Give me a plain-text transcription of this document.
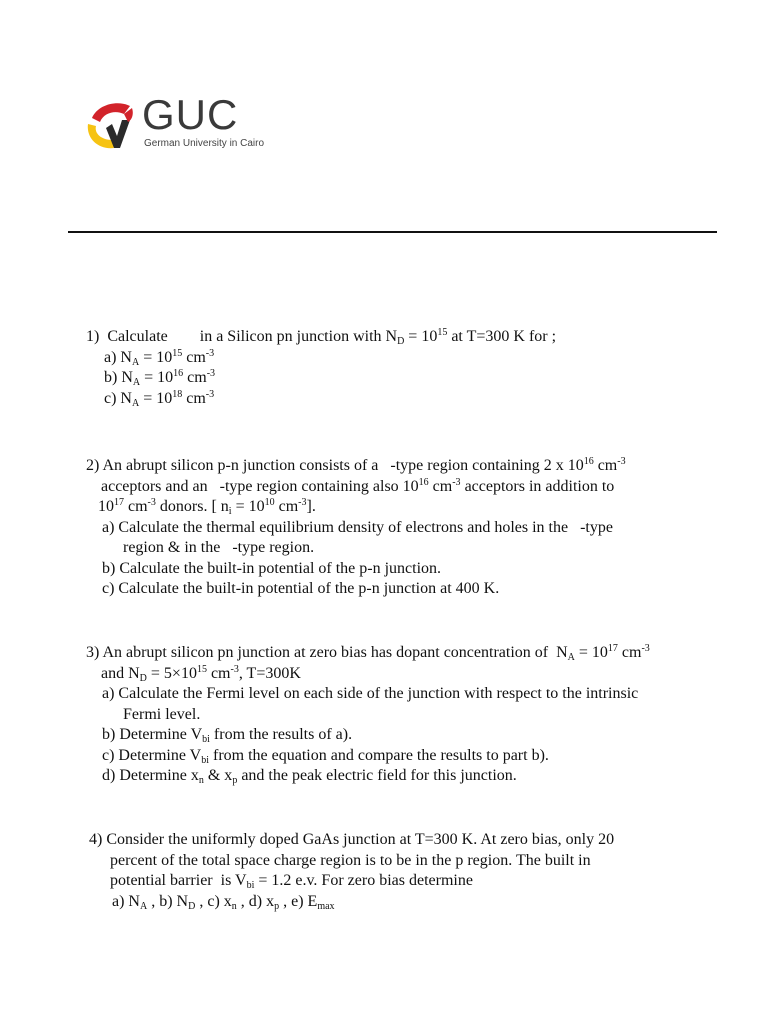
GUC
German University in Cairo
1)  Calculate        in a Silicon pn junction with $N_D = 10^{15}$ at T=300 K for ;
a) $N_A = 10^{15}$ $cm^{-3}$
b) $N_A = 10^{16}$ $cm^{-3}$
c) $N_A = 10^{18}$ $cm^{-3}$
2) An abrupt silicon p-n junction consists of a   -type region containing 2 x $10^{16}$ $cm^{-3}$
acceptors and an   -type region containing also $10^{16}$ $cm^{-3}$ acceptors in addition to
$10^{17}$ $cm^{-3}$ donors. [ $n_i = 10^{10}$ $cm^{-3}$].
a) Calculate the thermal equilibrium density of electrons and holes in the   -type
region & in the   -type region.
b) Calculate the built-in potential of the p-n junction.
c) Calculate the built-in potential of the p-n junction at 400 K.
3) An abrupt silicon pn junction at zero bias has dopant concentration of  $N_A = 10^{17}$ $cm^{-3}$
and $N_D = 5\times 10^{15}$ $cm^{-3}$, T=300K
a) Calculate the Fermi level on each side of the junction with respect to the intrinsic
Fermi level.
b) Determine $V_{bi}$ from the results of a).
c) Determine $V_{bi}$ from the equation and compare the results to part b).
d) Determine $x_n$ & $x_p$ and the peak electric field for this junction.
4) Consider the uniformly doped GaAs junction at T=300 K. At zero bias, only 20
percent of the total space charge region is to be in the p region. The built in
potential barrier  is $V_{bi} = 1.2$ e.v. For zero bias determine
a) $N_A$ , b) $N_D$ , c) $x_n$ , d) $x_p$ , e) $E_{max}$
